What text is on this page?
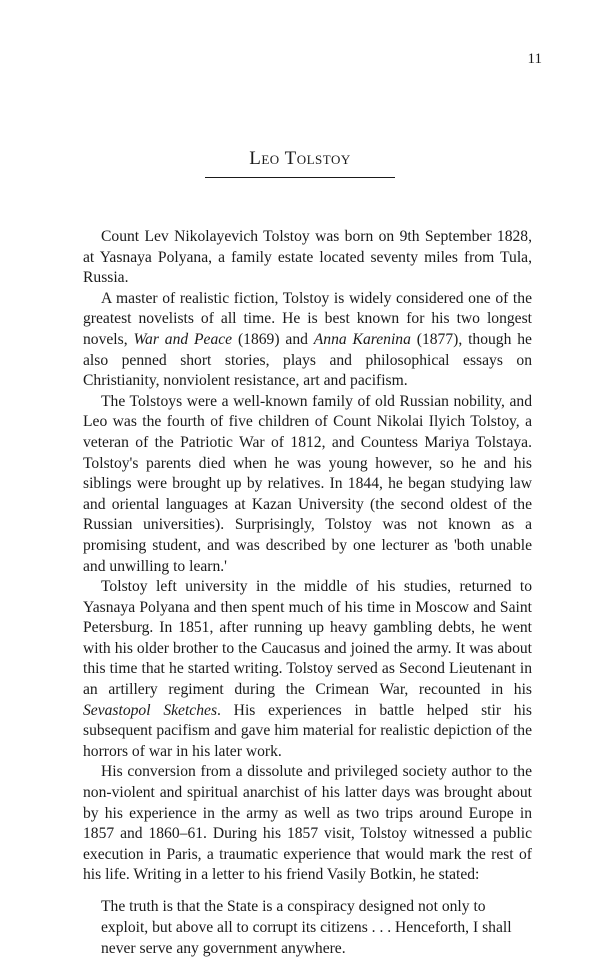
11
Leo Tolstoy

Count Lev Nikolayevich Tolstoy was born on 9th September 1828, at Yasnaya Polyana, a family estate located seventy miles from Tula, Russia.

A master of realistic fiction, Tolstoy is widely considered one of the greatest novelists of all time. He is best known for his two longest novels, War and Peace (1869) and Anna Karenina (1877), though he also penned short stories, plays and philosophical essays on Christianity, nonviolent resistance, art and pacifism.

The Tolstoys were a well-known family of old Russian nobility, and Leo was the fourth of five children of Count Nikolai Ilyich Tolstoy, a veteran of the Patriotic War of 1812, and Countess Mariya Tolstaya. Tolstoy's parents died when he was young however, so he and his siblings were brought up by relatives. In 1844, he began studying law and oriental languages at Kazan University (the second oldest of the Russian universities). Surprisingly, Tolstoy was not known as a promising student, and was described by one lecturer as 'both unable and unwilling to learn.'

Tolstoy left university in the middle of his studies, returned to Yasnaya Polyana and then spent much of his time in Moscow and Saint Petersburg. In 1851, after running up heavy gambling debts, he went with his older brother to the Caucasus and joined the army. It was about this time that he started writing. Tolstoy served as Second Lieutenant in an artillery regiment during the Crimean War, recounted in his Sevastopol Sketches. His experiences in battle helped stir his subsequent pacifism and gave him material for realistic depiction of the horrors of war in his later work.

His conversion from a dissolute and privileged society author to the non-violent and spiritual anarchist of his latter days was brought about by his experience in the army as well as two trips around Europe in 1857 and 1860–61. During his 1857 visit, Tolstoy witnessed a public execution in Paris, a traumatic experience that would mark the rest of his life. Writing in a letter to his friend Vasily Botkin, he stated:

The truth is that the State is a conspiracy designed not only to exploit, but above all to corrupt its citizens . . . Henceforth, I shall never serve any government anywhere.
